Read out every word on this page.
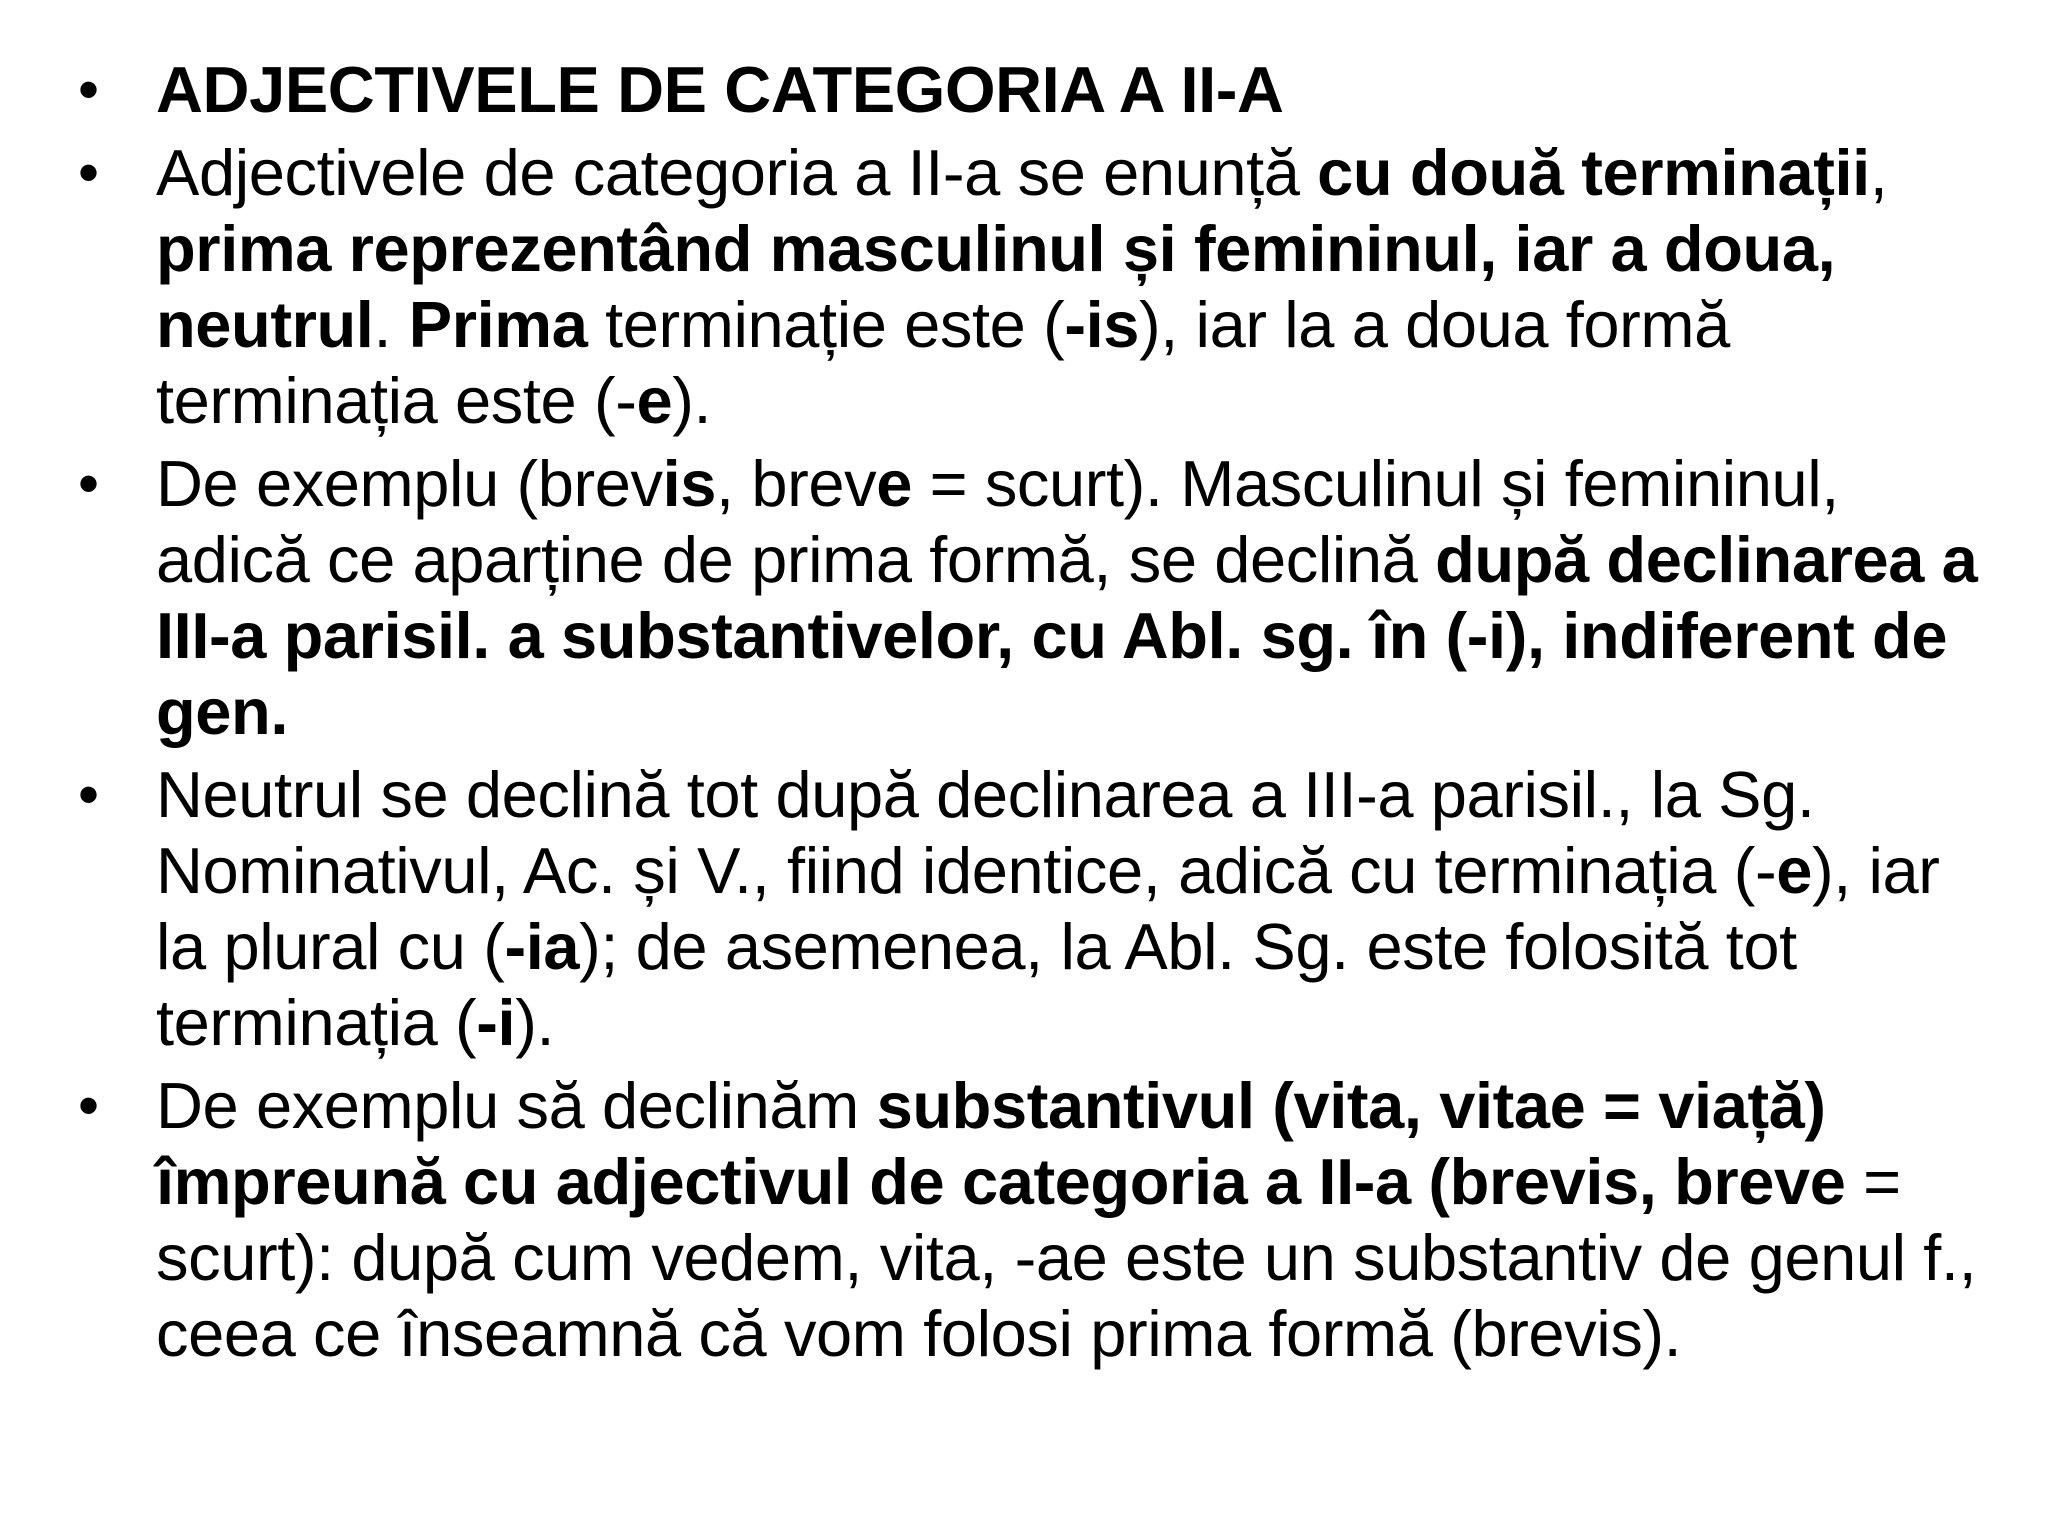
• ADJECTIVELE DE CATEGORIA A II-A
• Adjectivele de categoria a II-a se enunță cu două terminații, prima reprezentând masculinul și femininul, iar a doua, neutrul. Prima terminație este (-is), iar la a doua formă terminația este (-e).
• De exemplu (brevis, breve = scurt). Masculinul și femininul, adică ce aparține de prima formă, se declină după declinarea a III-a parisil. a substantivelor, cu Abl. sg. în (-i), indiferent de gen.
• Neutrul se declină tot după declinarea a III-a parisil., la Sg. Nominativul, Ac. și V., fiind identice, adică cu terminația (-e), iar la plural cu (-ia); de asemenea, la Abl. Sg. este folosită tot terminația (-i).
• De exemplu să declinăm substantivul (vita, vitae = viață) împreună cu adjectivul de categoria a II-a (brevis, breve = scurt): după cum vedem, vita, -ae este un substantiv de genul f., ceea ce înseamnă că vom folosi prima formă (brevis).
